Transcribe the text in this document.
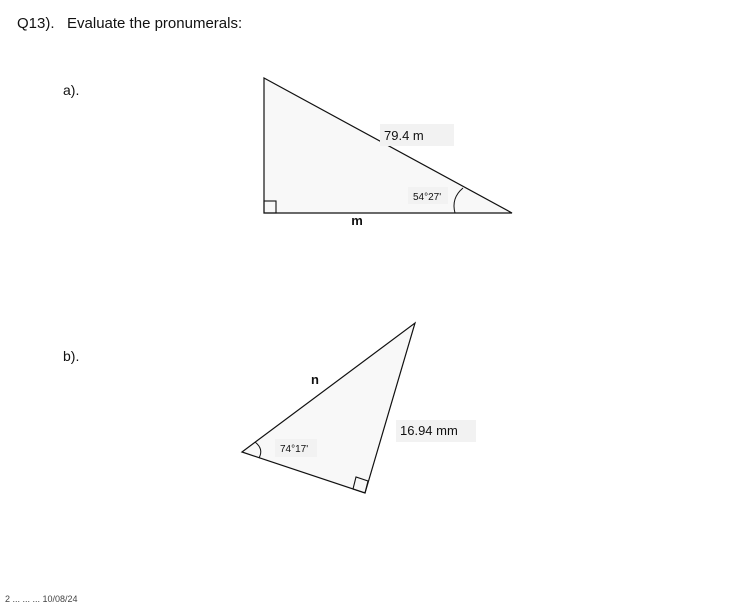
Q13).   Evaluate the pronumerals:
a).
b).
79.4 m
54°27'
m
n
16.94 mm
74°17'
2 ... ... ... 10/08/24
